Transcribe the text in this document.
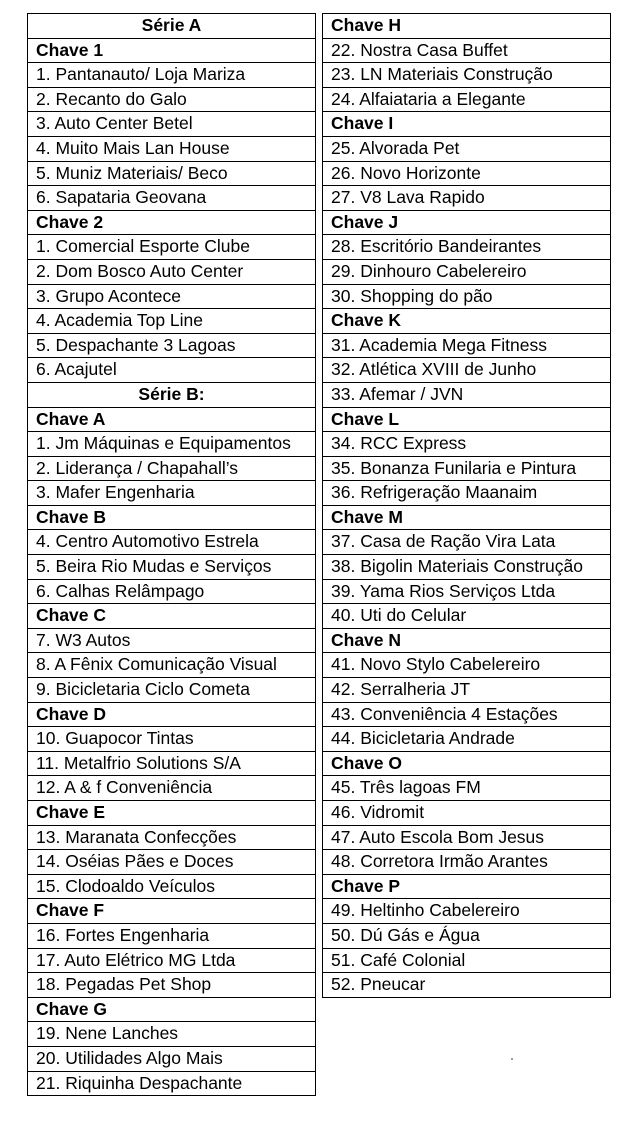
Série A
Chave 1
1. Pantanauto/ Loja Mariza
2. Recanto do Galo
3. Auto Center Betel
4. Muito Mais Lan House
5. Muniz Materiais/ Beco
6. Sapataria Geovana
Chave 2
1. Comercial Esporte Clube
2. Dom Bosco Auto Center
3. Grupo Acontece
4. Academia Top Line
5. Despachante 3 Lagoas
6. Acajutel
Série B:
Chave A
1. Jm Máquinas e Equipamentos
2. Liderança / Chapahall’s
3. Mafer Engenharia
Chave B
4. Centro Automotivo Estrela
5. Beira Rio Mudas e Serviços
6. Calhas Relâmpago
Chave C
7. W3 Autos
8. A Fênix Comunicação Visual
9. Bicicletaria Ciclo Cometa
Chave D
10. Guapocor Tintas
11. Metalfrio Solutions S/A
12. A & f Conveniência
Chave E
13. Maranata Confecções
14. Oséias Pães e Doces
15. Clodoaldo Veículos
Chave F
16. Fortes Engenharia
17. Auto Elétrico MG Ltda
18. Pegadas Pet Shop
Chave G
19. Nene Lanches
20. Utilidades Algo Mais
21. Riquinha Despachante
Chave H
22. Nostra Casa Buffet
23. LN Materiais Construção
24. Alfaiataria a Elegante
Chave I
25. Alvorada Pet
26. Novo Horizonte
27. V8 Lava Rapido
Chave J
28. Escritório Bandeirantes
29. Dinhouro Cabelereiro
30. Shopping do pão
Chave K
31. Academia Mega Fitness
32. Atlética XVIII de Junho
33. Afemar / JVN
Chave L
34. RCC Express
35. Bonanza Funilaria e Pintura
36. Refrigeração Maanaim
Chave M
37. Casa de Ração Vira Lata
38. Bigolin Materiais Construção
39. Yama Rios Serviços Ltda
40. Uti do Celular
Chave N
41. Novo Stylo Cabelereiro
42. Serralheria JT
43. Conveniência 4 Estações
44. Bicicletaria Andrade
Chave O
45. Três lagoas FM
46. Vidromit
47. Auto Escola Bom Jesus
48. Corretora Irmão Arantes
Chave P
49. Heltinho Cabelereiro
50. Dú Gás e Água
51. Café Colonial
52. Pneucar
